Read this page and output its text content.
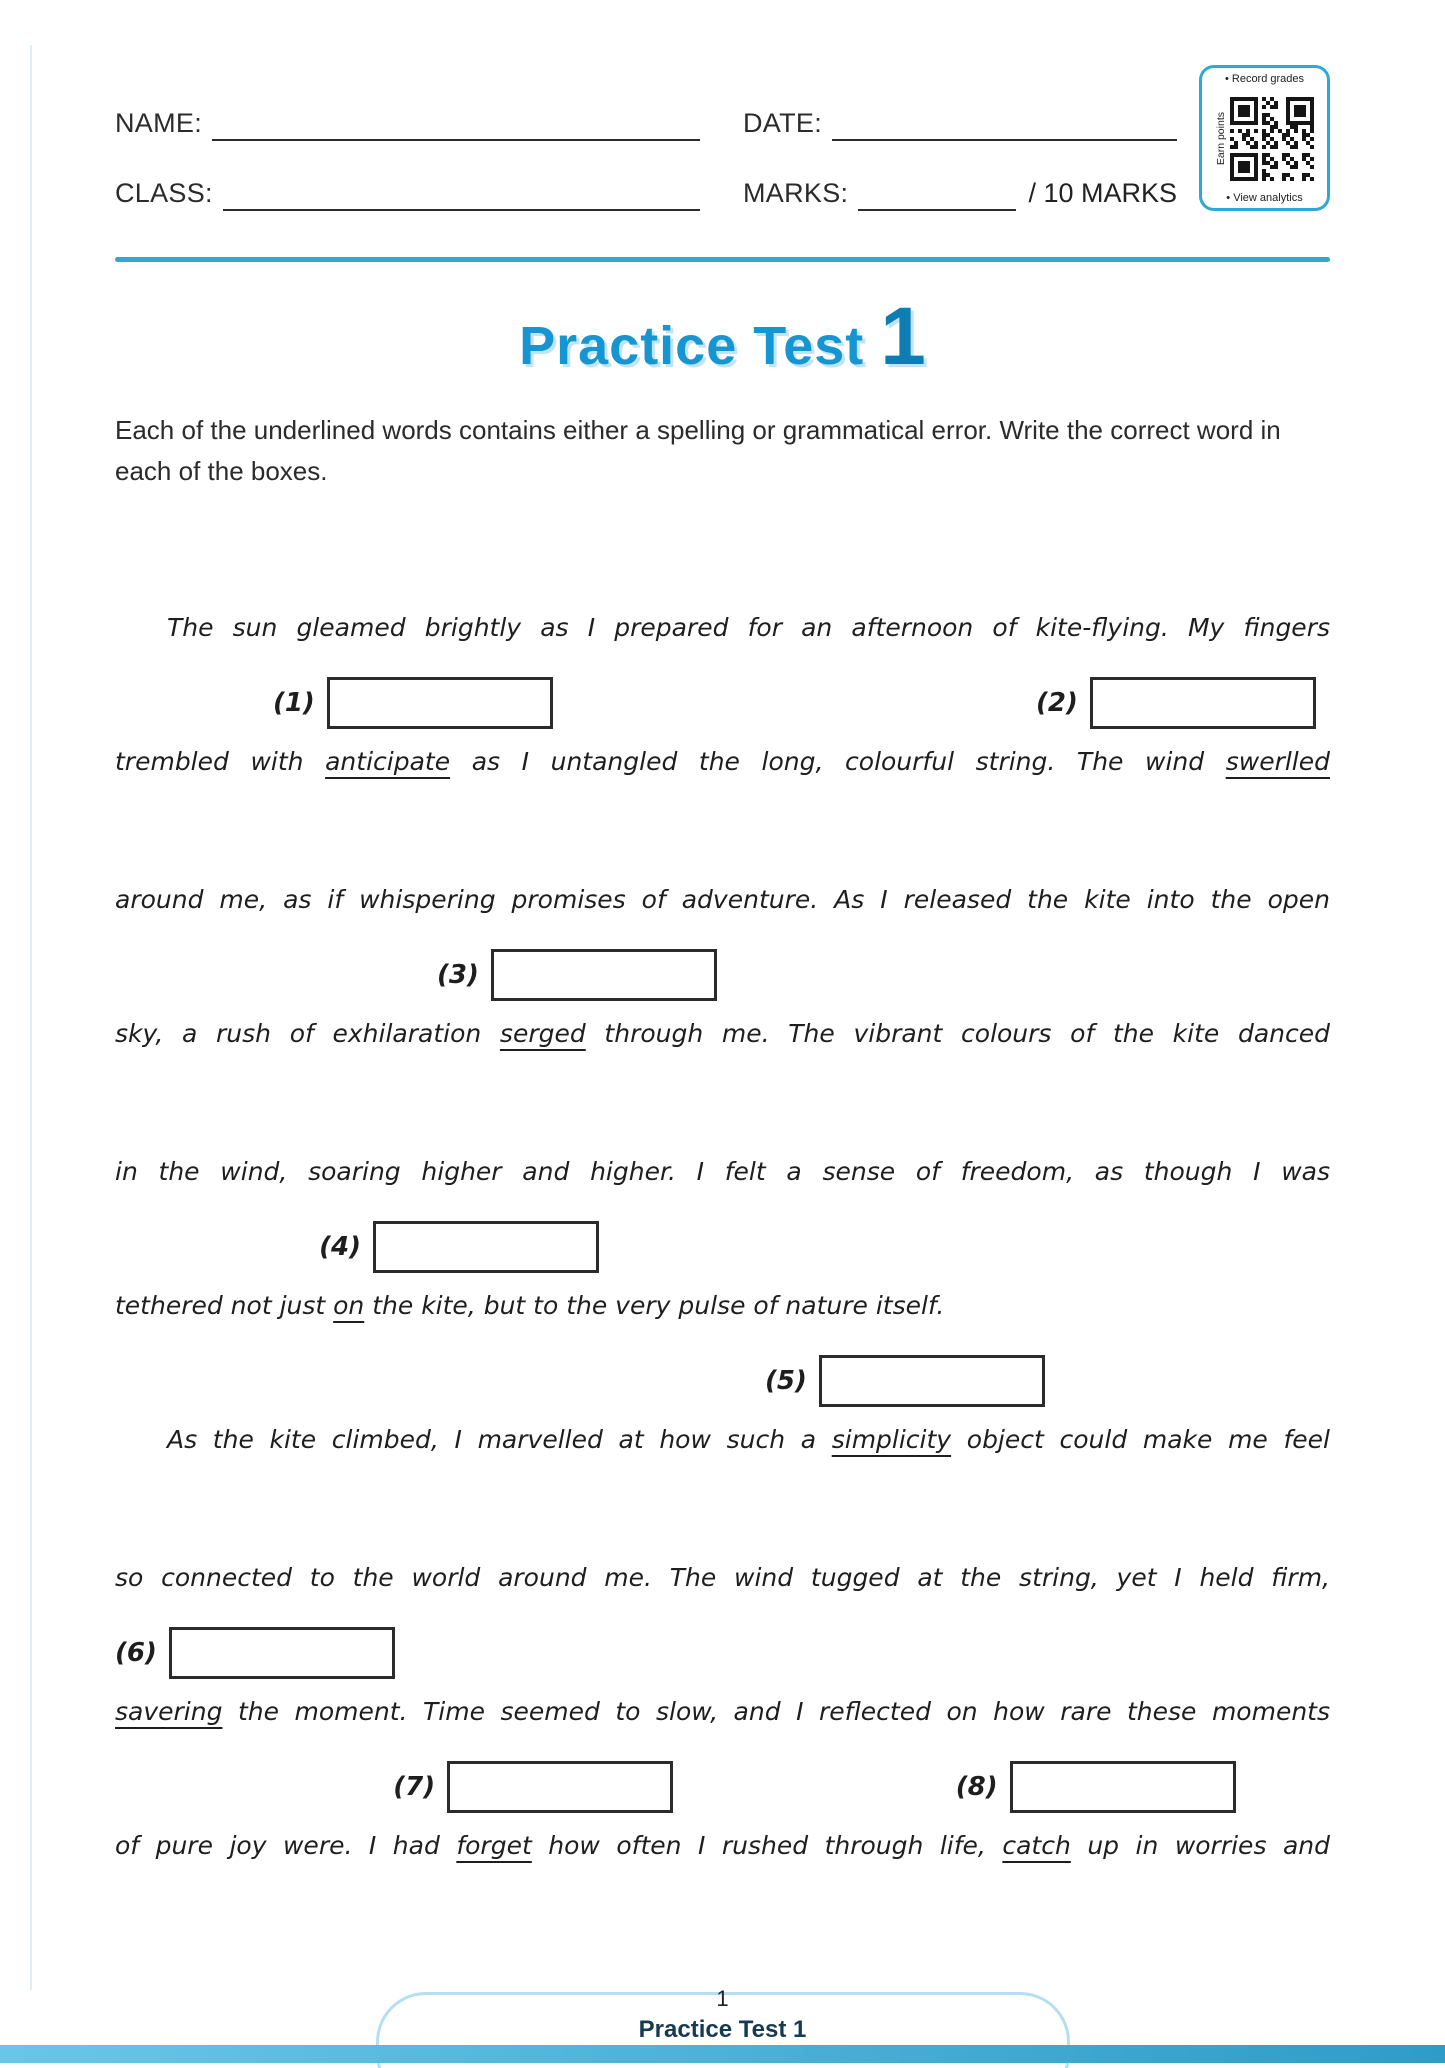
NAME:	DATE:
CLASS:	MARKS:	/ 10 MARKS
• Record grades
Earn points
• View analytics
Practice Test 1
Each of the underlined words contains either a spelling or grammatical error. Write the correct word in each of the boxes.
The sun gleamed brightly as I prepared for an afternoon of kite-flying. My fingers
(1)	(2)
trembled with anticipate as I untangled the long, colourful string. The wind swerlled
around me, as if whispering promises of adventure. As I released the kite into the open
(3)
sky, a rush of exhilaration serged through me. The vibrant colours of the kite danced
in the wind, soaring higher and higher. I felt a sense of freedom, as though I was
(4)
tethered not just on the kite, but to the very pulse of nature itself.
(5)
As the kite climbed, I marvelled at how such a simplicity object could make me feel
so connected to the world around me. The wind tugged at the string, yet I held firm,
(6)
savering the moment. Time seemed to slow, and I reflected on how rare these moments
(7)	(8)
of pure joy were. I had forget how often I rushed through life, catch up in worries and
1
Practice Test 1
